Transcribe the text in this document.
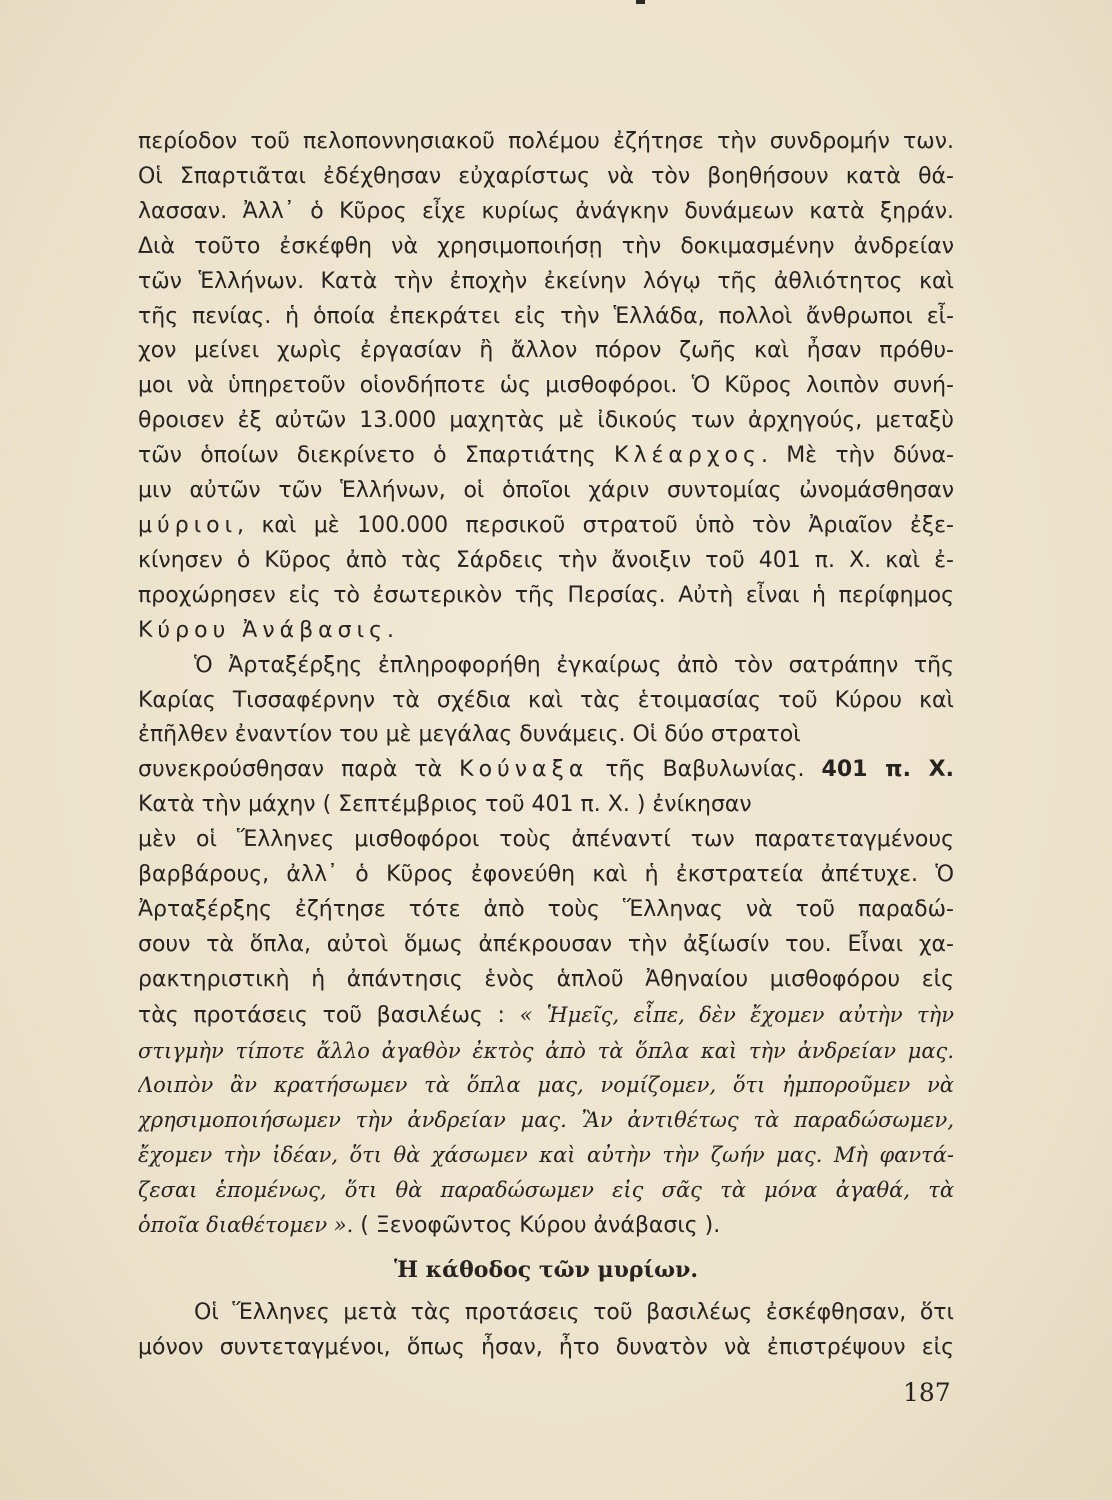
περίοδον τοῦ πελοποννησιακοῦ πολέμου ἐζήτησε τὴν συνδρομήν των.
Οἱ Σπαρτιᾶται ἐδέχθησαν εὐχαρίστως νὰ τὸν βοηθήσουν κατὰ θά-
λασσαν. Ἀλλ᾽ ὁ Κῦρος εἶχε κυρίως ἀνάγκην δυνάμεων κατὰ ξηράν.
Διὰ τοῦτο ἐσκέφθη νὰ χρησιμοποιήσῃ τὴν δοκιμασμένην ἀνδρείαν
τῶν Ἑλλήνων. Κατὰ τὴν ἐποχὴν ἐκείνην λόγῳ τῆς ἀθλιότητος καὶ
τῆς πενίας. ἡ ὁποία ἐπεκράτει εἰς τὴν Ἑλλάδα, πολλοὶ ἄνθρωποι εἶ-
χον μείνει χωρὶς ἐργασίαν ἢ ἄλλον πόρον ζωῆς καὶ ἦσαν πρόθυ-
μοι νὰ ὑπηρετοῦν οἱονδήποτε ὡς μισθοφόροι. Ὁ Κῦρος λοιπὸν συνή-
θροισεν ἐξ αὐτῶν 13.000 μαχητὰς μὲ ἰδικούς των ἀρχηγούς, μεταξὺ
τῶν ὁποίων διεκρίνετο ὁ Σπαρτιάτης Κλέαρχος. Μὲ τὴν δύνα-
μιν αὐτῶν τῶν Ἑλλήνων, οἱ ὁποῖοι χάριν συντομίας ὠνομάσθησαν
μύριοι, καὶ μὲ 100.000 περσικοῦ στρατοῦ ὑπὸ τὸν Ἀριαῖον ἐξε-
κίνησεν ὁ Κῦρος ἀπὸ τὰς Σάρδεις τὴν ἄνοιξιν τοῦ 401 π. Χ. καὶ ἐ-
προχώρησεν εἰς τὸ ἐσωτερικὸν τῆς Περσίας. Αὐτὴ εἶναι ἡ περίφημος
Κύρου Ἀνάβασις.

Ὁ Ἀρταξέρξης ἐπληροφορήθη ἐγκαίρως ἀπὸ τὸν σατράπην τῆς
Καρίας Τισσαφέρνην τὰ σχέδια καὶ τὰς ἑτοιμασίας τοῦ Κύρου καὶ
ἐπῆλθεν ἐναντίον του μὲ μεγάλας δυνάμεις. Οἱ δύο στρατοὶ
συνεκρούσθησαν παρὰ τὰ Κούναξα τῆς Βαβυλωνίας. 401 π. Χ.
Κατὰ τὴν μάχην ( Σεπτέμβριος τοῦ 401 π. Χ. ) ἐνίκησαν
μὲν οἱ Ἕλληνες μισθοφόροι τοὺς ἀπέναντί των παρατεταγμένους
βαρβάρους, ἀλλ᾽ ὁ Κῦρος ἐφονεύθη καὶ ἡ ἐκστρατεία ἀπέτυχε. Ὁ
Ἀρταξέρξης ἐζήτησε τότε ἀπὸ τοὺς Ἕλληνας νὰ τοῦ παραδώ-
σουν τὰ ὅπλα, αὐτοὶ ὅμως ἀπέκρουσαν τὴν ἀξίωσίν του. Εἶναι χα-
ρακτηριστικὴ ἡ ἀπάντησις ἑνὸς ἁπλοῦ Ἀθηναίου μισθοφόρου εἰς
τὰς προτάσεις τοῦ βασιλέως : « Ἡμεῖς, εἶπε, δὲν ἔχομεν αὐτὴν τὴν
στιγμὴν τίποτε ἄλλο ἀγαθὸν ἐκτὸς ἀπὸ τὰ ὅπλα καὶ τὴν ἀνδρείαν μας.
Λοιπὸν ἂν κρατήσωμεν τὰ ὅπλα μας, νομίζομεν, ὅτι ἠμποροῦμεν νὰ
χρησιμοποιήσωμεν τὴν ἀνδρείαν μας. Ἂν ἀντιθέτως τὰ παραδώσωμεν,
ἔχομεν τὴν ἰδέαν, ὅτι θὰ χάσωμεν καὶ αὐτὴν τὴν ζωήν μας. Μὴ φαντά-
ζεσαι ἑπομένως, ὅτι θὰ παραδώσωμεν εἰς σᾶς τὰ μόνα ἀγαθά, τὰ
ὁποῖα διαθέτομεν ». ( Ξενοφῶντος Κύρου ἀνάβασις ).

Ἡ κάθοδος τῶν μυρίων.

Οἱ Ἕλληνες μετὰ τὰς προτάσεις τοῦ βασιλέως ἐσκέφθησαν, ὅτι
μόνον συντεταγμένοι, ὅπως ἦσαν, ἦτο δυνατὸν νὰ ἐπιστρέψουν εἰς

187
